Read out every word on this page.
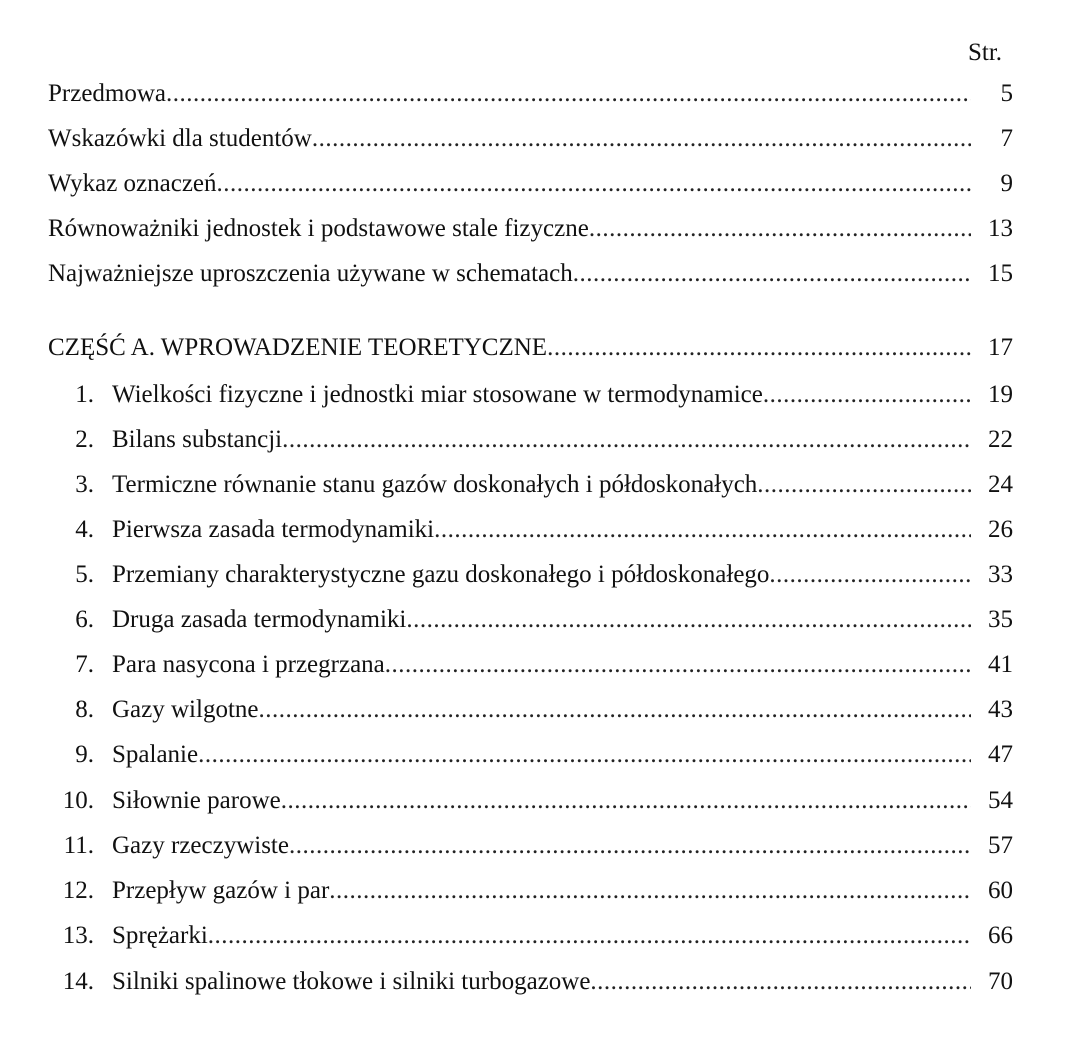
Str.
Przedmowa .....	5
Wskazówki dla studentów .....	7
Wykaz oznaczeń .....	9
Równoważniki jednostek i podstawowe stale fizyczne .....	13
Najważniejsze uproszczenia używane w schematach .....	15
CZĘŚĆ A. WPROWADZENIE TEORETYCZNE .....	17
1. Wielkości fizyczne i jednostki miar stosowane w termodynamice .....	19
2. Bilans substancji .....	22
3. Termiczne równanie stanu gazów doskonałych i półdoskonałych .....	24
4. Pierwsza zasada termodynamiki .....	26
5. Przemiany charakterystyczne gazu doskonałego i półdoskonałego .....	33
6. Druga zasada termodynamiki .....	35
7. Para nasycona i przegrzana .....	41
8. Gazy wilgotne .....	43
9. Spalanie .....	47
10. Siłownie parowe .....	54
11. Gazy rzeczywiste .....	57
12. Przepływ gazów i par .....	60
13. Sprężarki .....	66
14. Silniki spalinowe tłokowe i silniki turbogazowe .....	70
